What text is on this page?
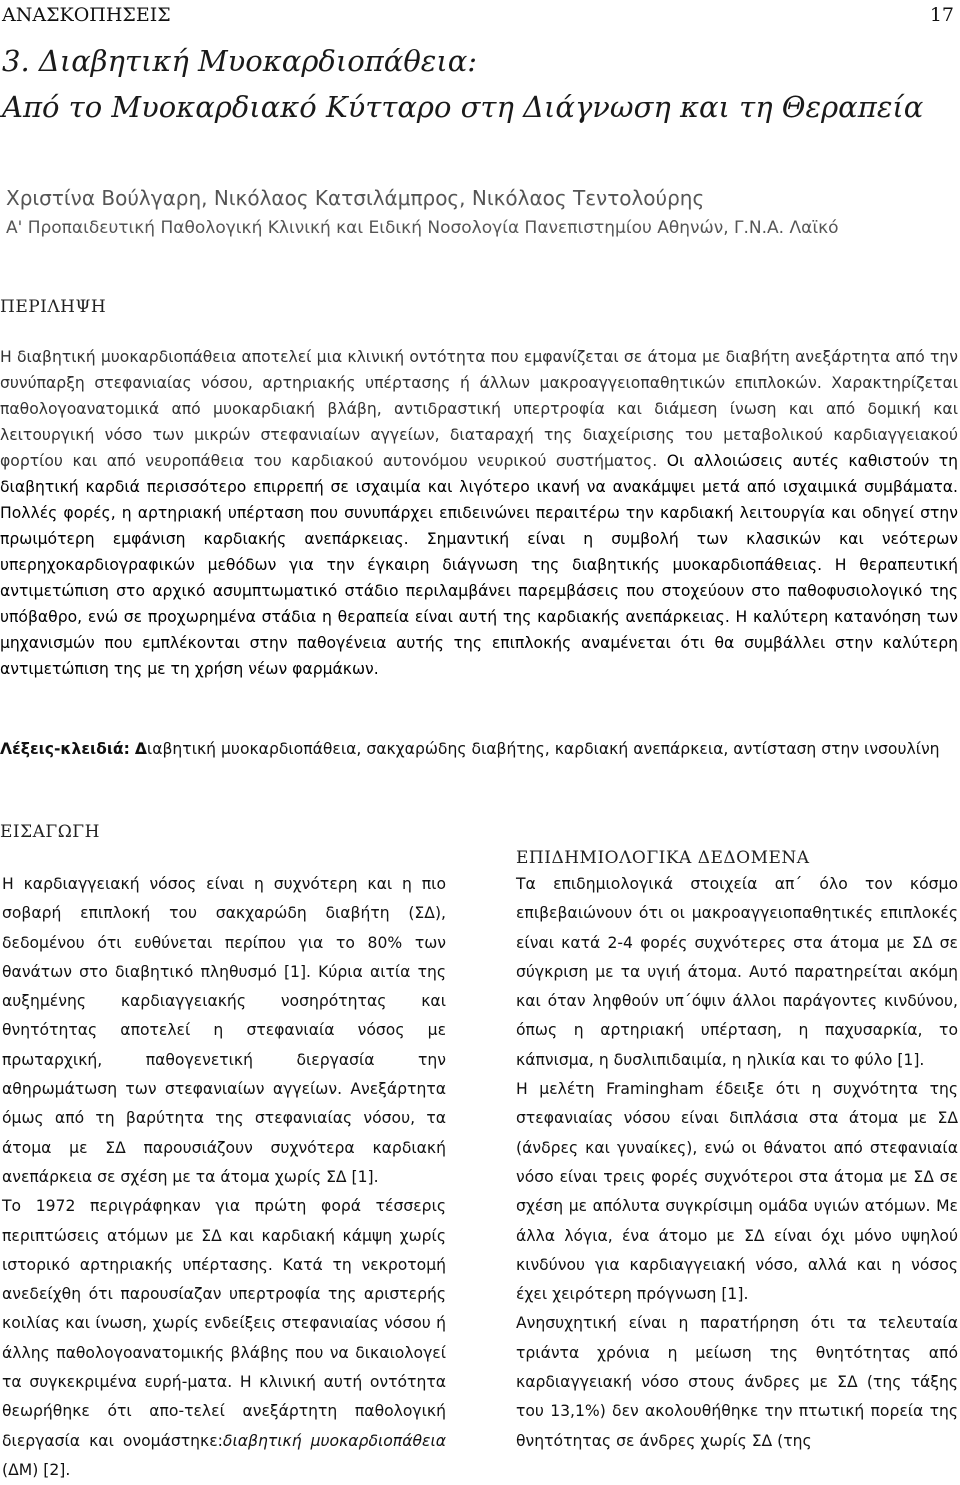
ΑΝΑΣΚΟΠΗΣΕΙΣ	17
3. Διαβητική Μυοκαρδιοπάθεια:
Από το Μυοκαρδιακό Κύτταρο στη Διάγνωση και τη Θεραπεία
Χριστίνα Βούλγαρη, Νικόλαος Κατσιλάμπρος, Νικόλαος Τεντολούρης
Α' Προπαιδευτική Παθολογική Κλινική και Ειδική Νοσολογία Πανεπιστημίου Αθηνών, Γ.Ν.Α. Λαϊκό
ΠΕΡΙΛΗΨΗ

Η διαβητική μυοκαρδιοπάθεια αποτελεί μια κλινική οντότητα που εμφανίζεται σε άτομα με διαβήτη ανεξάρτητα από την συνύπαρξη στεφανιαίας νόσου, αρτηριακής υπέρτασης ή άλλων μακροαγγειοπαθητικών επιπλοκών. Χαρακτηρίζεται παθολογοανατομικά από μυοκαρδιακή βλάβη, αντιδραστική υπερτροφία και διάμεση ίνωση και από δομική και λειτουργική νόσο των μικρών στεφανιαίων αγγείων, διαταραχή της διαχείρισης του μεταβολικού καρδιαγγειακού φορτίου και από νευροπάθεια του καρδιακού αυτονόμου νευρικού συστήματος. Οι αλλοιώσεις αυτές καθιστούν τη διαβητική καρδιά περισσότερο επιρρεπή σε ισχαιμία και λιγότερο ικανή να ανακάμψει μετά από ισχαιμικά συμβάματα. Πολλές φορές, η αρτηριακή υπέρταση που συνυπάρχει επιδεινώνει περαιτέρω την καρδιακή λειτουργία και οδηγεί στην πρωιμότερη εμφάνιση καρδιακής ανεπάρκειας. Σημαντική είναι η συμβολή των κλασικών και νεότερων υπερηχοκαρδιογραφικών μεθόδων για την έγκαιρη διάγνωση της διαβητικής μυοκαρδιοπάθειας. Η θεραπευτική αντιμετώπιση στο αρχικό ασυμπτωματικό στάδιο περιλαμβάνει παρεμβάσεις που στοχεύουν στο παθοφυσιολογικό της υπόβαθρο, ενώ σε προχωρημένα στάδια η θεραπεία είναι αυτή της καρδιακής ανεπάρκειας. Η καλύτερη κατανόηση των μηχανισμών που εμπλέκονται στην παθογένεια αυτής της επιπλοκής αναμένεται ότι θα συμβάλλει στην καλύτερη αντιμετώπιση της με τη χρήση νέων φαρμάκων.

Λέξεις-κλειδιά: Διαβητική μυοκαρδιοπάθεια, σακχαρώδης διαβήτης, καρδιακή ανεπάρκεια, αντίσταση στην ινσουλίνη

ΕΙΣΑΓΩΓΗ
ΕΠΙΔΗΜΙΟΛΟΓΙΚΑ ΔΕΔΟΜΕΝΑ

Η καρδιαγγειακή νόσος είναι η συχνότερη και η πιο σοβαρή επιπλοκή του σακχαρώδη διαβήτη (ΣΔ), δεδομένου ότι ευθύνεται περίπου για το 80% των θανάτων στο διαβητικό πληθυσμό [1]. Κύρια αιτία της αυξημένης καρδιαγγειακής νοσηρότητας και θνητότητας αποτελεί η στεφανιαία νόσος με πρωταρχική, παθογενετική διεργασία την αθηρωμάτωση των στεφανιαίων αγγείων. Ανεξάρτητα όμως από τη βαρύτητα της στεφανιαίας νόσου, τα άτομα με ΣΔ παρουσιάζουν συχνότερα καρδιακή ανεπάρκεια σε σχέση με τα άτομα χωρίς ΣΔ [1].

Το 1972 περιγράφηκαν για πρώτη φορά τέσσερις περιπτώσεις ατόμων με ΣΔ και καρδιακή κάμψη χωρίς ιστορικό αρτηριακής υπέρτασης. Κατά τη νεκροτομή ανεδείχθη ότι παρουσίαζαν υπερτροφία της αριστερής κοιλίας και ίνωση, χωρίς ενδείξεις στεφανιαίας νόσου ή άλλης παθολογοανατομικής βλάβης που να δικαιολογεί τα συγκεκριμένα ευρή-ματα. Η κλινική αυτή οντότητα θεωρήθηκε ότι απο-τελεί ανεξάρτητη παθολογική διεργασία και ονομάστηκε:διαβητική μυοκαρδιοπάθεια (ΔΜ) [2].

Τα επιδημιολογικά στοιχεία απ΄ όλο τον κόσμο επιβεβαιώνουν ότι οι μακροαγγειοπαθητικές επιπλοκές είναι κατά 2-4 φορές συχνότερες στα άτομα με ΣΔ σε σύγκριση με τα υγιή άτομα. Αυτό παρατηρείται ακόμη και όταν ληφθούν υπ΄όψιν άλλοι παράγοντες κινδύνου, όπως η αρτηριακή υπέρταση, η παχυσαρκία, το κάπνισμα, η δυσλιπιδαιμία, η ηλικία και το φύλο [1].

Η μελέτη Framingham έδειξε ότι η συχνότητα της στεφανιαίας νόσου είναι διπλάσια στα άτομα με ΣΔ (άνδρες και γυναίκες), ενώ οι θάνατοι από στεφανιαία νόσο είναι τρεις φορές συχνότεροι στα άτομα με ΣΔ σε σχέση με απόλυτα συγκρίσιμη ομάδα υγιών ατόμων. Με άλλα λόγια, ένα άτομο με ΣΔ είναι όχι μόνο υψηλού κινδύνου για καρδιαγγειακή νόσο, αλλά και η νόσος έχει χειρότερη πρόγνωση [1].

Ανησυχητική είναι η παρατήρηση ότι τα τελευταία τριάντα χρόνια η μείωση της θνητότητας από καρδιαγγειακή νόσο στους άνδρες με ΣΔ (της τάξης του 13,1%) δεν ακολουθήθηκε την πτωτική πορεία της θνητότητας σε άνδρες χωρίς ΣΔ (της
